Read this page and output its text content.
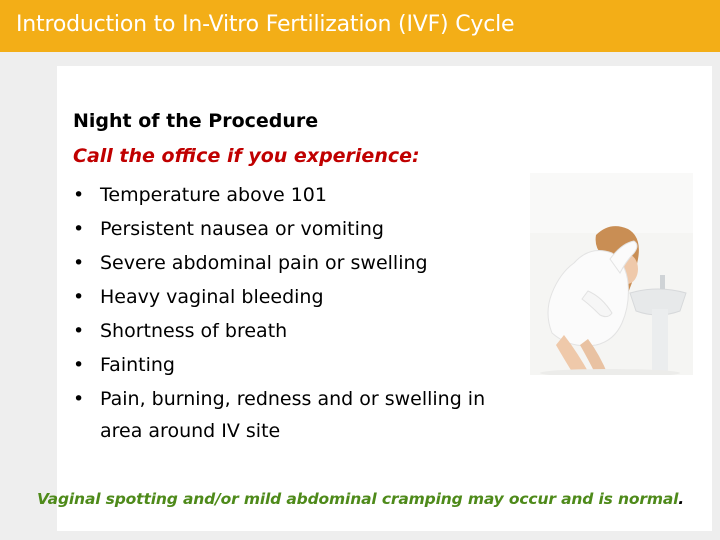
Introduction to In-Vitro Fertilization (IVF) Cycle
Night of the Procedure
Call the office if you experience:
• Temperature above 101
• Persistent nausea or vomiting
• Severe abdominal pain or swelling
• Heavy vaginal bleeding
• Shortness of breath
• Fainting
• Pain, burning, redness and or swelling in
area around IV site
Vaginal spotting and/or mild abdominal cramping may occur and is normal.
